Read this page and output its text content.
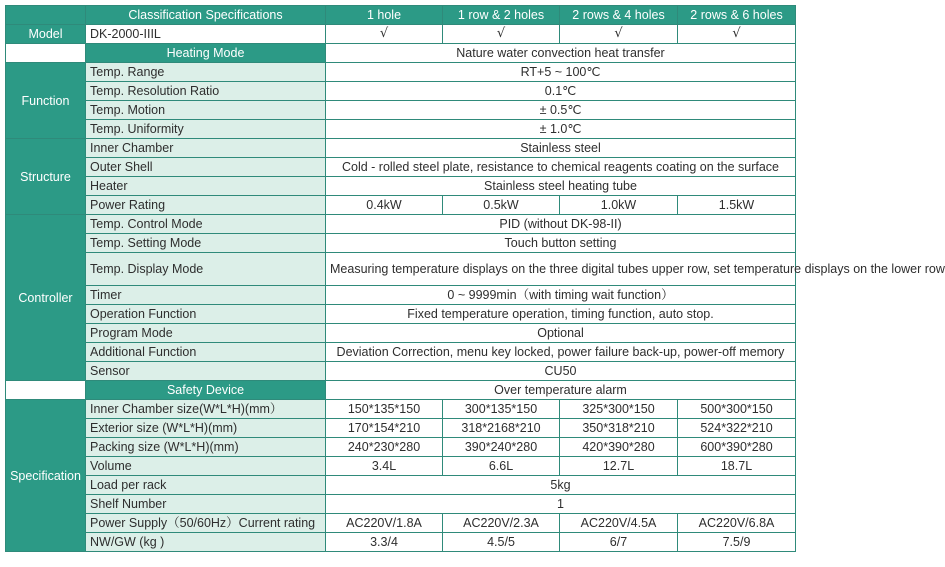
	Classification Specifications	1 hole	1 row & 2 holes	2 rows & 4 holes	2 rows & 6 holes
Model	DK-2000-IIIL	√	√	√	√
	Heating Mode	Nature water convection heat transfer			
Function	Temp. Range	RT+5 ~ 100℃			
	Temp. Resolution Ratio	0.1℃			
	Temp. Motion	± 0.5℃			
	Temp. Uniformity	± 1.0℃			
Structure	Inner Chamber	Stainless steel			
	Outer Shell	Cold - rolled steel plate, resistance to chemical reagents coating on the surface			
	Heater	Stainless steel heating tube			
	Power Rating	0.4kW	0.5kW	1.0kW	1.5kW
Controller	Temp. Control Mode	PID (without DK-98-II)			
	Temp. Setting Mode	Touch button setting			
	Temp. Display Mode	Measuring temperature displays on the three digital tubes upper row, set temperature displays on the lower row			
	Timer	0 ~ 9999min（with timing wait function）			
	Operation Function	Fixed temperature operation, timing function, auto stop.			
	Program Mode	Optional			
	Additional Function	Deviation Correction, menu key locked, power failure back-up, power-off memory			
	Sensor	CU50			
	Safety Device	Over temperature alarm			
Specification	Inner Chamber size(W*L*H)(mm）	150*135*150	300*135*150	325*300*150	500*300*150
	Exterior size (W*L*H)(mm)	170*154*210	318*2168*210	350*318*210	524*322*210
	Packing size (W*L*H)(mm)	240*230*280	390*240*280	420*390*280	600*390*280
	Volume	3.4L	6.6L	12.7L	18.7L
	Load per rack	5kg			
	Shelf Number	1			
	Power Supply（50/60Hz）Current rating	AC220V/1.8A	AC220V/2.3A	AC220V/4.5A	AC220V/6.8A
	NW/GW (kg )	3.3/4	4.5/5	6/7	7.5/9
